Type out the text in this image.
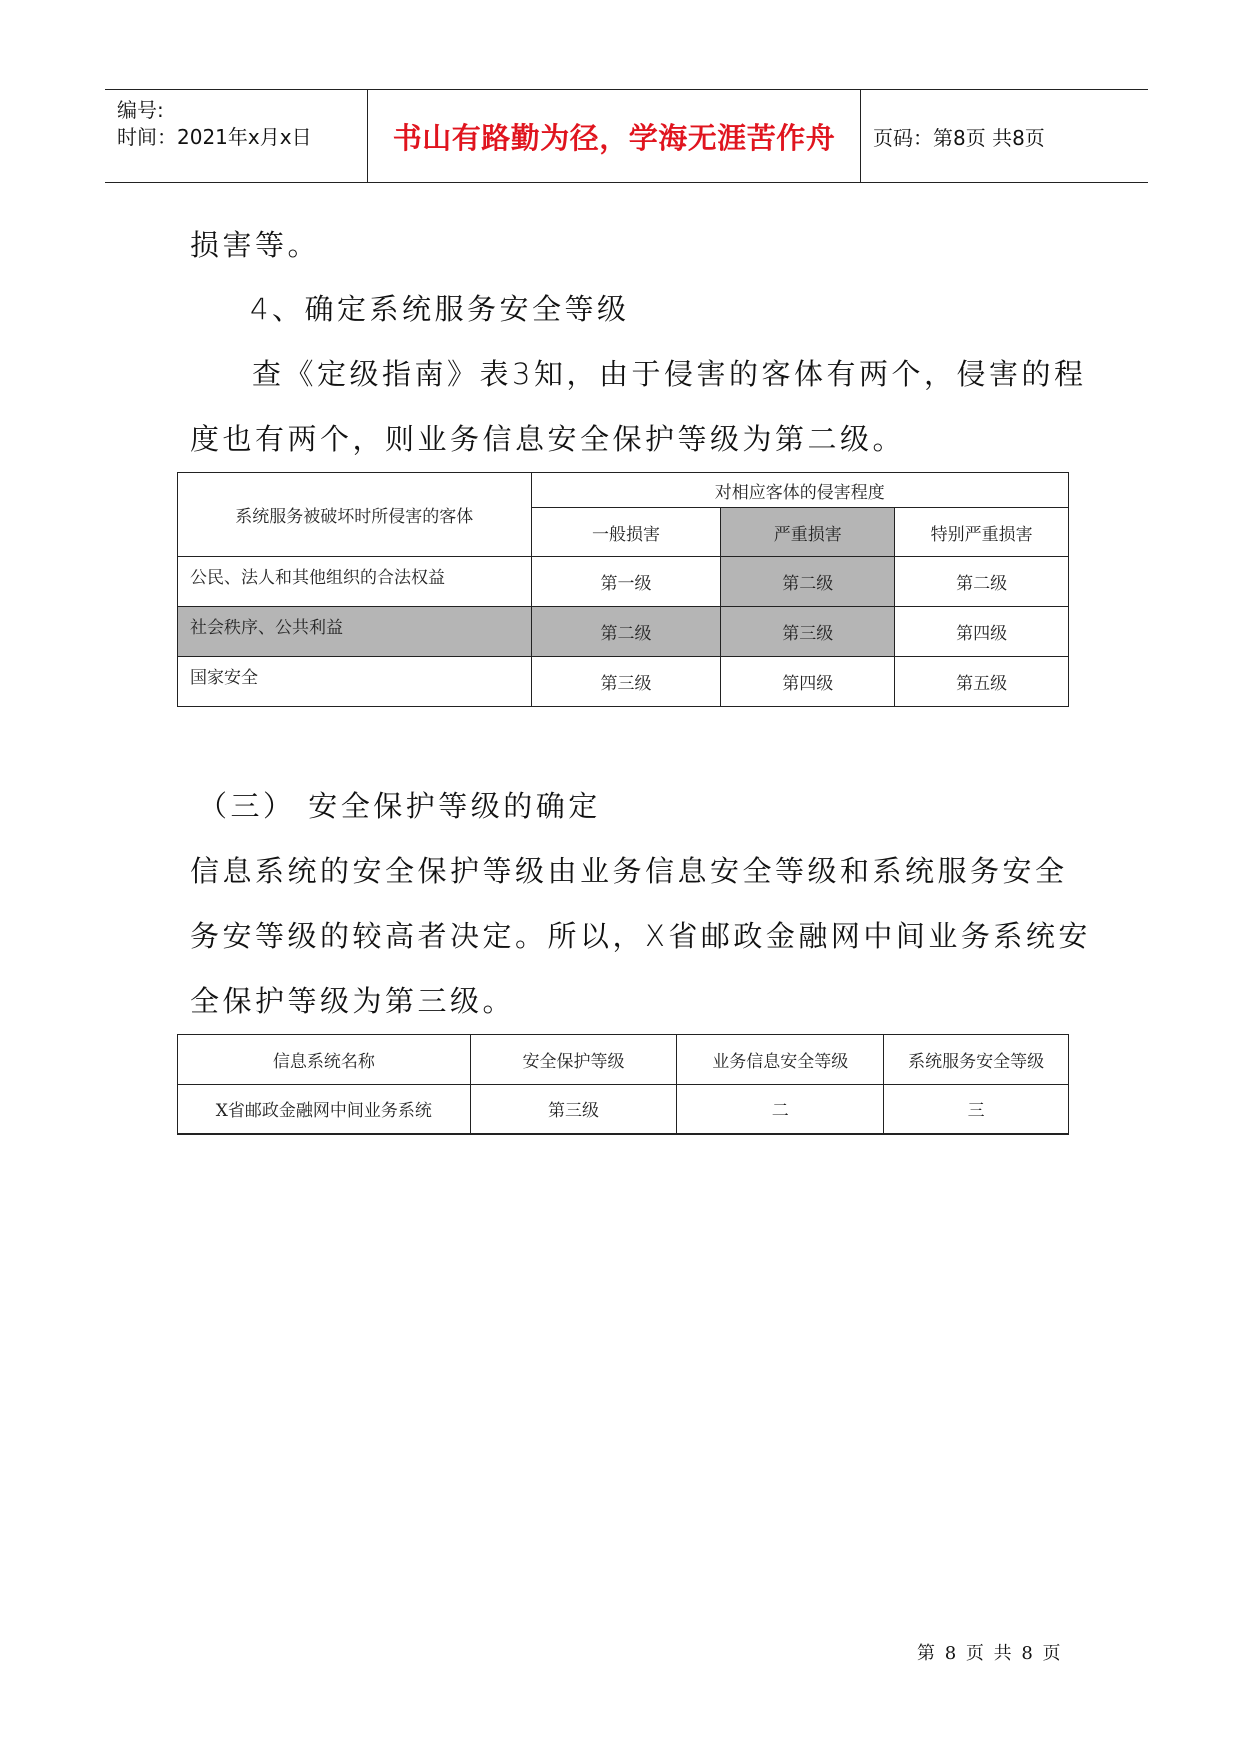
编号:
时间：2021年x月x日	书山有路勤为径，学海无涯苦作舟 页码：第8页 共8页
损害等。
4、确定系统服务安全等级
查《定级指南》表3知，由于侵害的客体有两个，侵害的程
度也有两个，则业务信息安全保护等级为第二级。
系统服务被破坏时所侵害的客体	对相应客体的侵害程度		
	一般损害	严重损害	特别严重损害
公民、法人和其他组织的合法权益	第一级	第二级	第二级
社会秩序、公共利益	第二级	第三级	第四级
国家安全	第三级	第四级	第五级
（三） 安全保护等级的确定
信息系统的安全保护等级由业务信息安全等级和系统服务安全
务安等级的较高者决定。所以，X省邮政金融网中间业务系统安
全保护等级为第三级。
信息系统名称	安全保护等级	业务信息安全等级	系统服务安全等级
X省邮政金融网中间业务系统	第三级	二	三
第 8 页 共 8 页
